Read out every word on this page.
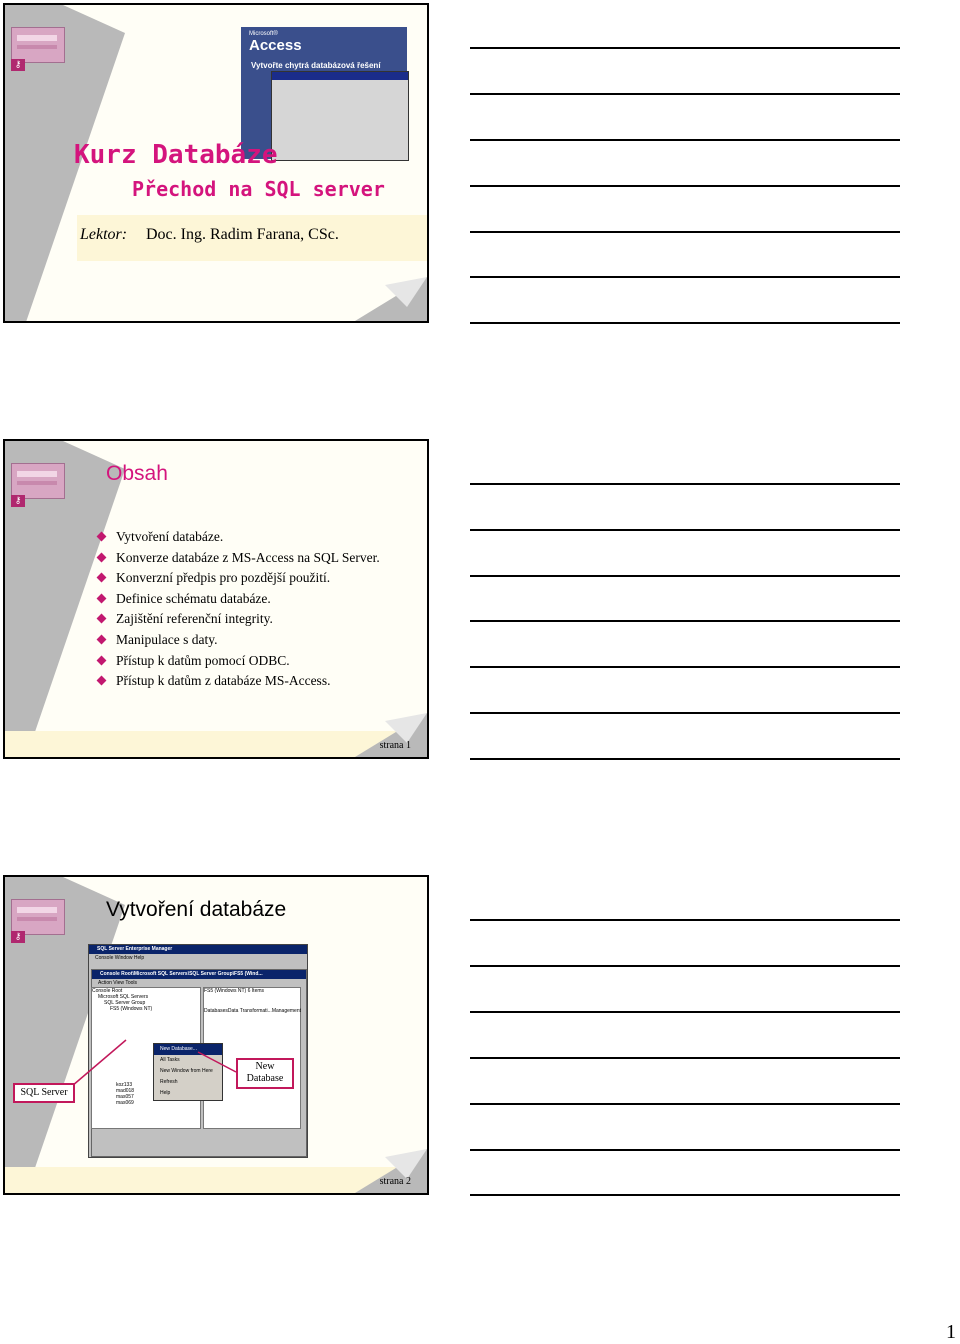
⚷
Microsoft®
Access
Vytvořte chytrá databázová řešení
Kurz Databáze
Přechod na SQL server
Lektor: Doc. Ing. Radim Farana, CSc.
⚷
strana 1
Obsah
Vytvoření databáze.
Konverze databáze z MS-Access na SQL Server.
Konverzní předpis pro pozdější použití.
Definice schématu databáze.
Zajištění referenční integrity.
Manipulace s daty.
Přístup k datům pomocí ODBC.
Přístup k datům z databáze MS-Access.
⚷
strana 2
Vytvoření databáze
SQL Server Enterprise Manager
Console Window Help
Console Root\Microsoft SQL Servers\SQL Server Group\FS5 (Wind...
Action View Tools
Console Root
Microsoft SQL Servers
SQL Server Group
FS5 (Windows NT)
koz133
mad018
mas057
mas069
FS5 (Windows NT) 6 Items
Databases Data Transformati... Management
New Database...
All Tasks
New Window from Here
Refresh
Help
SQL Server
New Database
1
